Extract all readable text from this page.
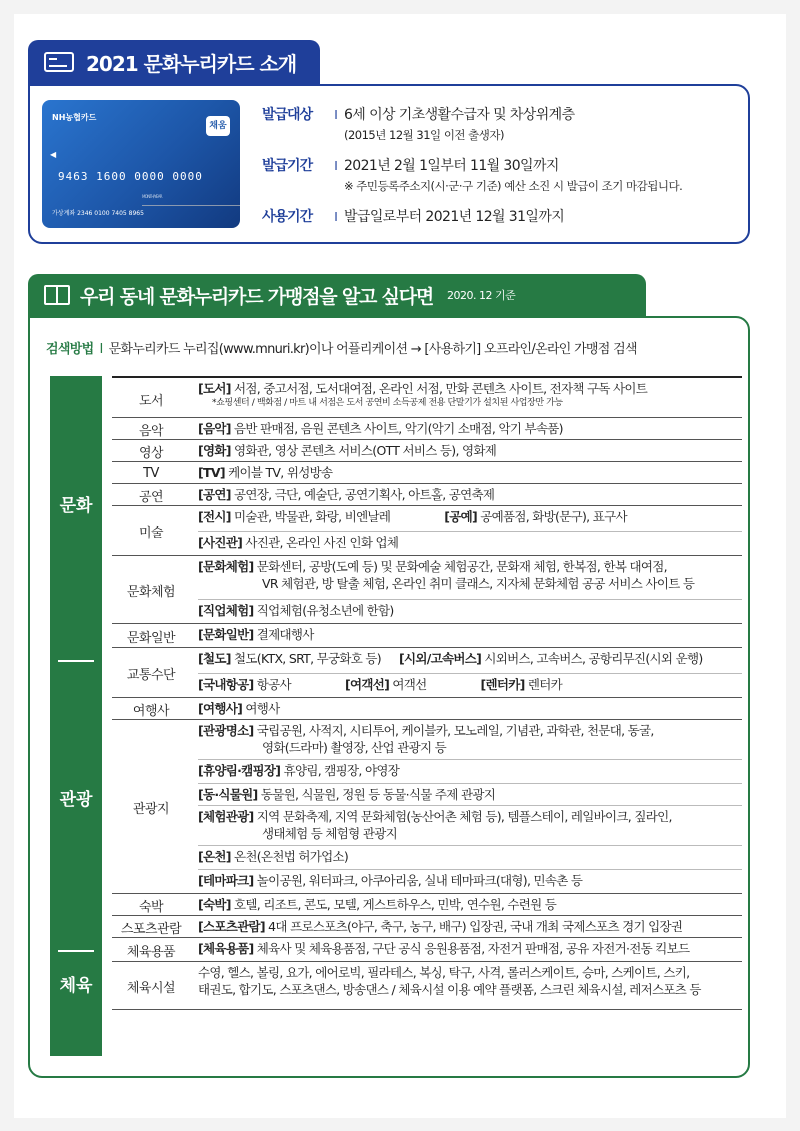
2021 문화누리카드 소개
NH농협카드
채움
◀
9463 1600 0000 0000
MONTH/YEAR
가상계좌 2346 0100 7405 8965
발급대상	I 6세 이상 기초생활수급자 및 차상위계층
(2015년 12월 31일 이전 출생자)
발급기간	I 2021년 2월 1일부터 11월 30일까지
※ 주민등록주소지(시·군·구 기준) 예산 소진 시 발급이 조기 마감됩니다.
사용기간	I 발급일로부터 2021년 12월 31일까지
우리 동네 문화누리카드 가맹점을 알고 싶다면 2020. 12 기준
검색방법 I 문화누리카드 누리집(www.mnuri.kr)이나 어플리케이션 → [사용하기] 오프라인/온라인 가맹점 검색
문화
관광
체육
도서
[도서] 서점, 중고서점, 도서대여점, 온라인 서점, 만화 콘텐츠 사이트, 전자책 구독 사이트
*쇼핑센터 / 백화점 / 마트 내 서점은 도서 공연비 소득공제 전용 단말기가 설치된 사업장만 가능
음악	[음악] 음반 판매점, 음원 콘텐츠 사이트, 악기(악기 소매점, 악기 부속품)
영상	[영화] 영화관, 영상 콘텐츠 서비스(OTT 서비스 등), 영화제
TV	[TV] 케이블 TV, 위성방송
공연	[공연] 공연장, 극단, 예술단, 공연기획사, 아트홀, 공연축제
미술
[전시] 미술관, 박물관, 화랑, 비엔날레	[공예] 공예품점, 화방(문구), 표구사
[사진관] 사진관, 온라인 사진 인화 업체
문화체험
[문화체험] 문화센터, 공방(도예 등) 및 문화예술 체험공간, 문화재 체험, 한복점, 한복 대여점,
VR 체험관, 방 탈출 체험, 온라인 취미 클래스, 지자체 문화체험 공공 서비스 사이트 등
[직업체험] 직업체험(유청소년에 한함)
문화일반	[문화일반] 결제대행사
교통수단
[철도] 철도(KTX, SRT, 무궁화호 등) [시외/고속버스] 시외버스, 고속버스, 공항리무진(시외 운행)
[국내항공] 항공사	[여객선] 여객선	[렌터카] 렌터카
여행사	[여행사] 여행사
관광지
[관광명소] 국립공원, 사적지, 시티투어, 케이블카, 모노레일, 기념관, 과학관, 천문대, 동굴,
영화(드라마) 촬영장, 산업 관광지 등
[휴양림·캠핑장] 휴양림, 캠핑장, 야영장
[동·식물원] 동물원, 식물원, 정원 등 동물·식물 주제 관광지
[체험관광] 지역 문화축제, 지역 문화체험(농산어촌 체험 등), 템플스테이, 레일바이크, 짚라인,
생태체험 등 체험형 관광지
[온천] 온천(온천법 허가업소)
[테마파크] 놀이공원, 워터파크, 아쿠아리움, 실내 테마파크(대형), 민속촌 등
숙박	[숙박] 호텔, 리조트, 콘도, 모텔, 게스트하우스, 민박, 연수원, 수련원 등
스포츠관람	[스포츠관람] 4대 프로스포츠(야구, 축구, 농구, 배구) 입장권, 국내 개최 국제스포츠 경기 입장권
체육용품	[체육용품] 체육사 및 체육용품점, 구단 공식 응원용품점, 자전거 판매점, 공유 자전거·전동 킥보드
체육시설
수영, 헬스, 볼링, 요가, 에어로빅, 필라테스, 복싱, 탁구, 사격, 롤러스케이트, 승마, 스케이트, 스키,
태권도, 합기도, 스포츠댄스, 방송댄스 / 체육시설 이용 예약 플랫폼, 스크린 체육시설, 레저스포츠 등
